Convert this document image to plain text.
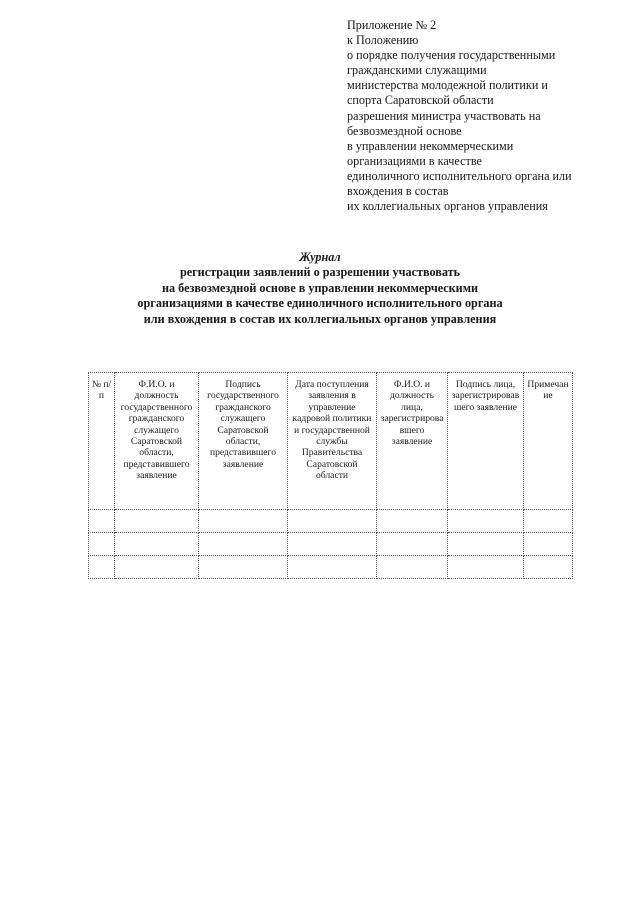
Приложение № 2
к Положению
о порядке получения государственными
гражданскими служащими
министерства молодежной политики и
спорта Саратовской области
разрешения министра участвовать на
безвозмездной основе
в управлении некоммерческими
организациями в качестве
единоличного исполнительного органа или
вхождения в состав
их коллегиальных органов управления
Журнал
регистрации заявлений о разрешении участвовать
на безвозмездной основе в управлении некоммерческими
организациями в качестве единоличного исполнительного органа
или вхождения в состав их коллегиальных органов управления
№ п/п	Ф.И.О. и должность государственного гражданского служащего Саратовской области, представившего заявление	Подпись государственного гражданского служащего Саратовской области, представившего заявление	Дата поступления заявления в управление кадровой политики и государственной службы Правительства Саратовской области	Ф.И.О. и должность лица, зарегистрировавшего заявление	Подпись лица, зарегистрировавшего заявление	Примечание
